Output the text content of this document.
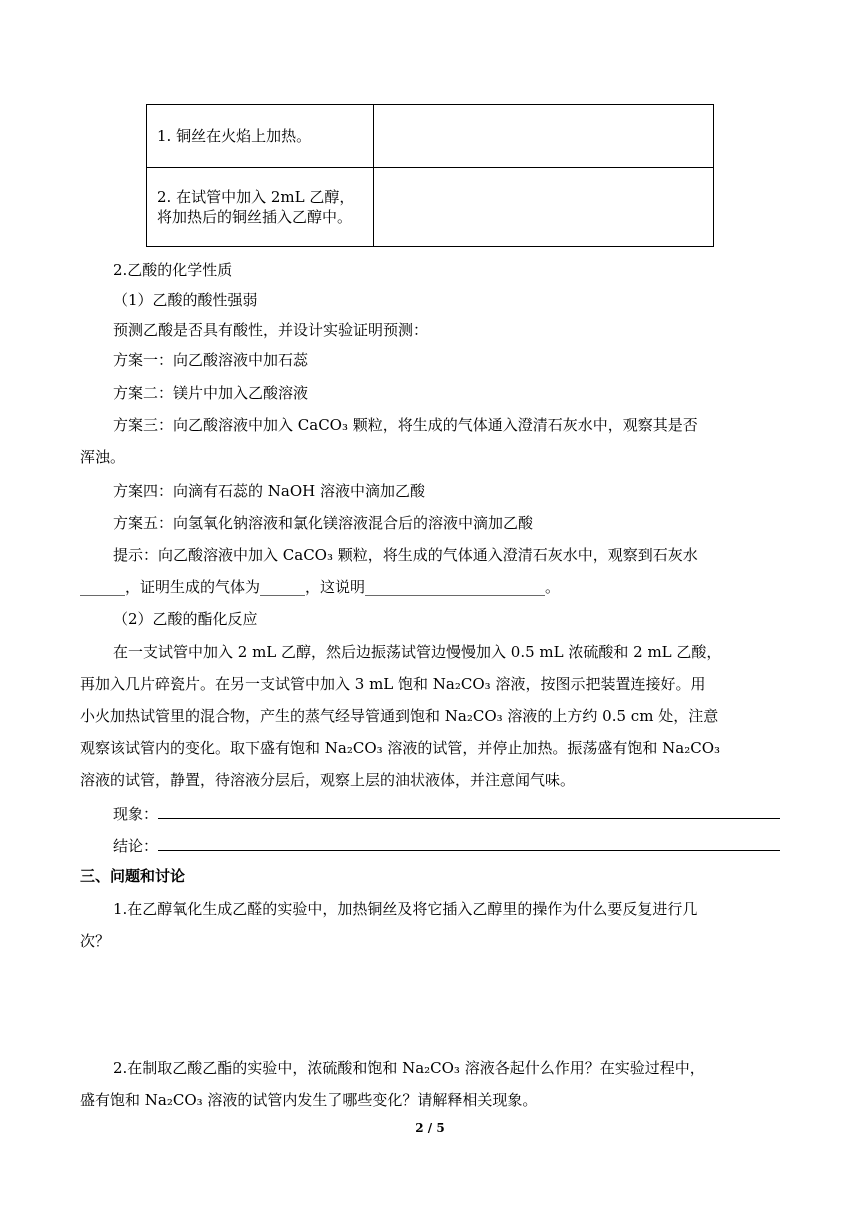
1. 铜丝在火焰上加热。	
2. 在试管中加入 2mL 乙醇，将加热后的铜丝插入乙醇中。	
2.乙酸的化学性质
（1）乙酸的酸性强弱
预测乙酸是否具有酸性，并设计实验证明预测：
方案一：向乙酸溶液中加石蕊
方案二：镁片中加入乙酸溶液
方案三：向乙酸溶液中加入 CaCO₃ 颗粒，将生成的气体通入澄清石灰水中，观察其是否
浑浊。
方案四：向滴有石蕊的 NaOH 溶液中滴加乙酸
方案五：向氢氧化钠溶液和氯化镁溶液混合后的溶液中滴加乙酸
提示：向乙酸溶液中加入 CaCO₃ 颗粒，将生成的气体通入澄清石灰水中，观察到石灰水
______，证明生成的气体为______，这说明________________________。
（2）乙酸的酯化反应
在一支试管中加入 2 mL 乙醇，然后边振荡试管边慢慢加入 0.5 mL 浓硫酸和 2 mL 乙酸，
再加入几片碎瓷片。在另一支试管中加入 3 mL 饱和 Na₂CO₃ 溶液，按图示把装置连接好。用
小火加热试管里的混合物，产生的蒸气经导管通到饱和 Na₂CO₃ 溶液的上方约 0.5 cm 处，注意
观察该试管内的变化。取下盛有饱和 Na₂CO₃ 溶液的试管，并停止加热。振荡盛有饱和 Na₂CO₃
溶液的试管，静置，待溶液分层后，观察上层的油状液体，并注意闻气味。
现象：
结论：
三、问题和讨论
1.在乙醇氧化生成乙醛的实验中，加热铜丝及将它插入乙醇里的操作为什么要反复进行几
次？
2.在制取乙酸乙酯的实验中，浓硫酸和饱和 Na₂CO₃ 溶液各起什么作用？在实验过程中，
盛有饱和 Na₂CO₃ 溶液的试管内发生了哪些变化？请解释相关现象。
2 / 5
